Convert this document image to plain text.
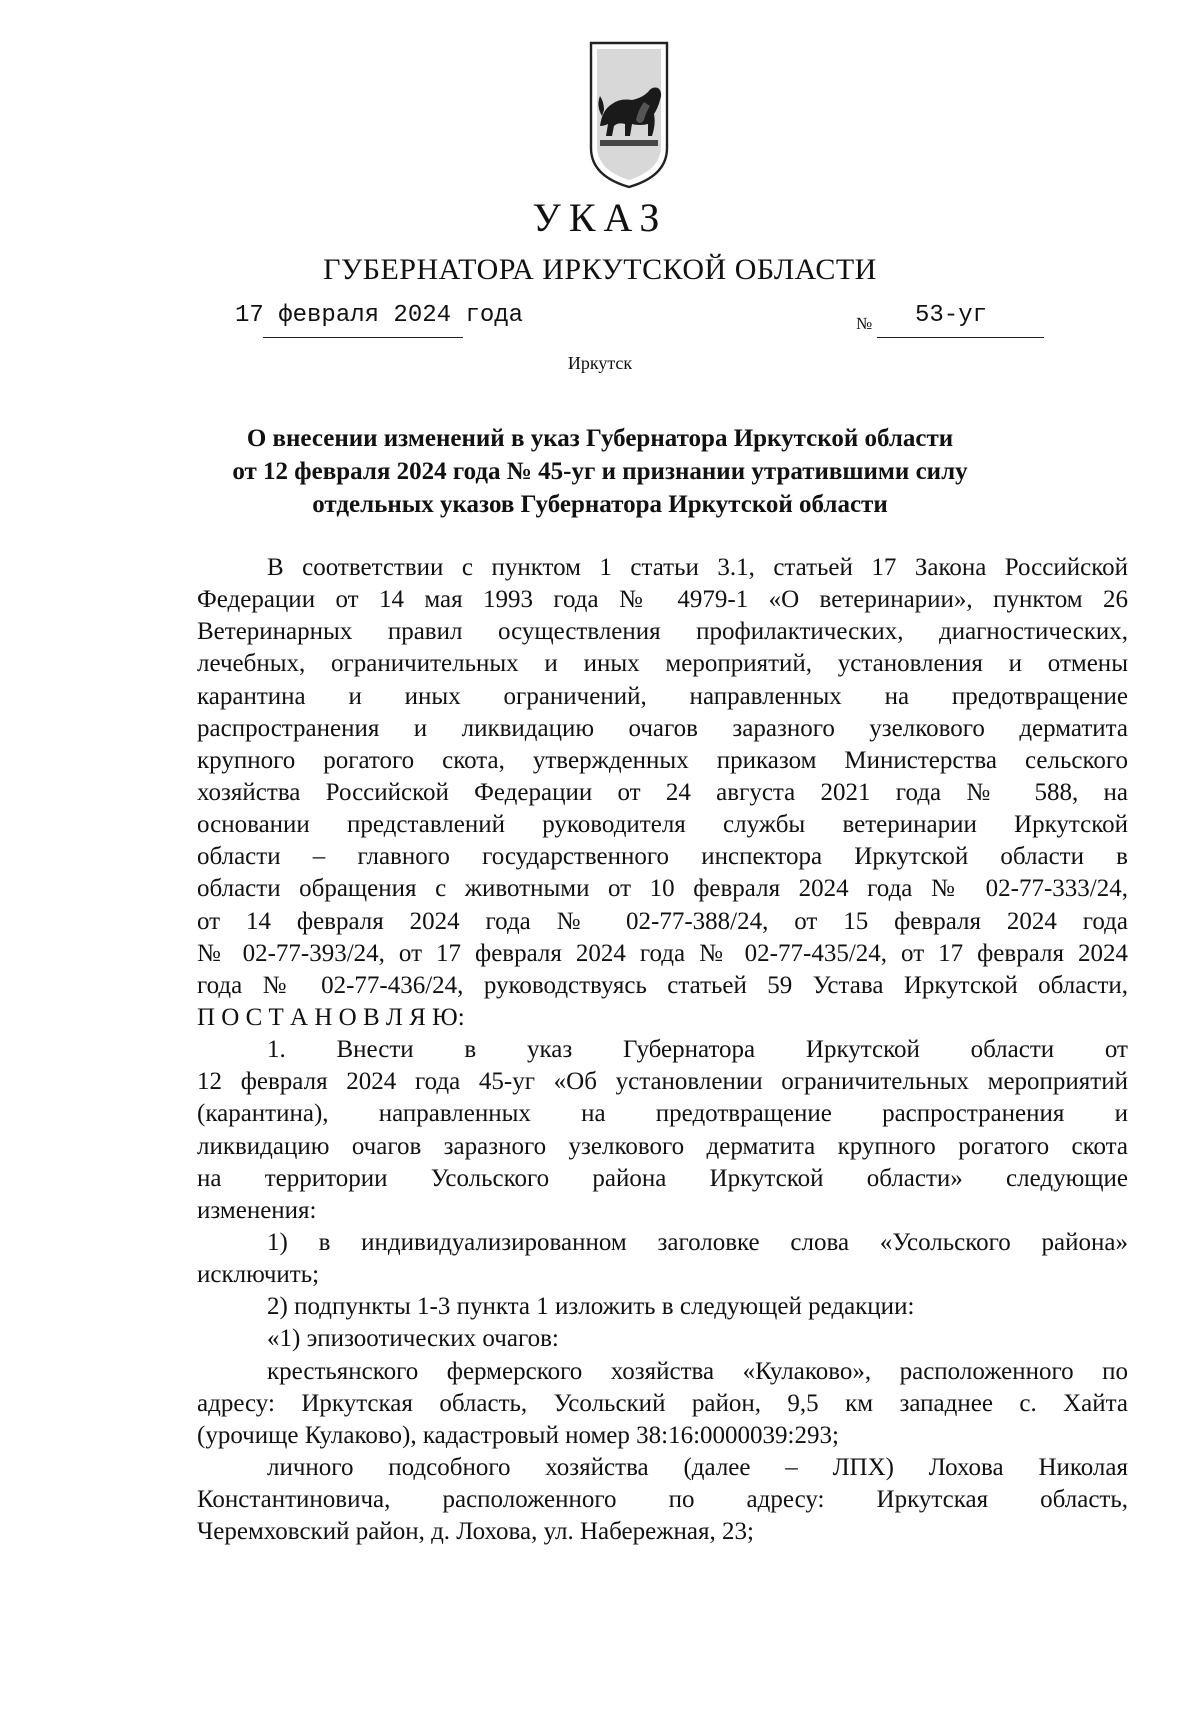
УКАЗ
ГУБЕРНАТОРА ИРКУТСКОЙ ОБЛАСТИ
17 февраля 2024 года	№ 53-уг
Иркутск
О внесении изменений в указ Губернатора Иркутской области
от 12 февраля 2024 года № 45-уг и признании утратившими силу
отдельных указов Губернатора Иркутской области
В соответствии с пунктом 1 статьи 3.1, статьей 17 Закона Российской
Федерации от 14 мая 1993 года № 4979-1 «О ветеринарии», пунктом 26
Ветеринарных правил осуществления профилактических, диагностических,
лечебных, ограничительных и иных мероприятий, установления и отмены
карантина и иных ограничений, направленных на предотвращение
распространения и ликвидацию очагов заразного узелкового дерматита
крупного рогатого скота, утвержденных приказом Министерства сельского
хозяйства Российской Федерации от 24 августа 2021 года № 588, на
основании представлений руководителя службы ветеринарии Иркутской
области – главного государственного инспектора Иркутской области в
области обращения с животными от 10 февраля 2024 года № 02-77-333/24,
от 14 февраля 2024 года № 02-77-388/24, от 15 февраля 2024 года
№ 02-77-393/24, от 17 февраля 2024 года № 02-77-435/24, от 17 февраля 2024
года № 02-77-436/24, руководствуясь статьей 59 Устава Иркутской области,
П О С Т А Н О В Л Я Ю:
1. Внести в указ Губернатора Иркутской области от
12 февраля 2024 года 45-уг «Об установлении ограничительных мероприятий
(карантина), направленных на предотвращение распространения и
ликвидацию очагов заразного узелкового дерматита крупного рогатого скота
на территории Усольского района Иркутской области» следующие
изменения:
1) в индивидуализированном заголовке слова «Усольского района»
исключить;
2) подпункты 1-3 пункта 1 изложить в следующей редакции:
«1) эпизоотических очагов:
крестьянского фермерского хозяйства «Кулаково», расположенного по
адресу: Иркутская область, Усольский район, 9,5 км западнее с. Хайта
(урочище Кулаково), кадастровый номер 38:16:0000039:293;
личного подсобного хозяйства (далее – ЛПХ) Лохова Николая
Константиновича, расположенного по адресу: Иркутская область,
Черемховский район, д. Лохова, ул. Набережная, 23;
